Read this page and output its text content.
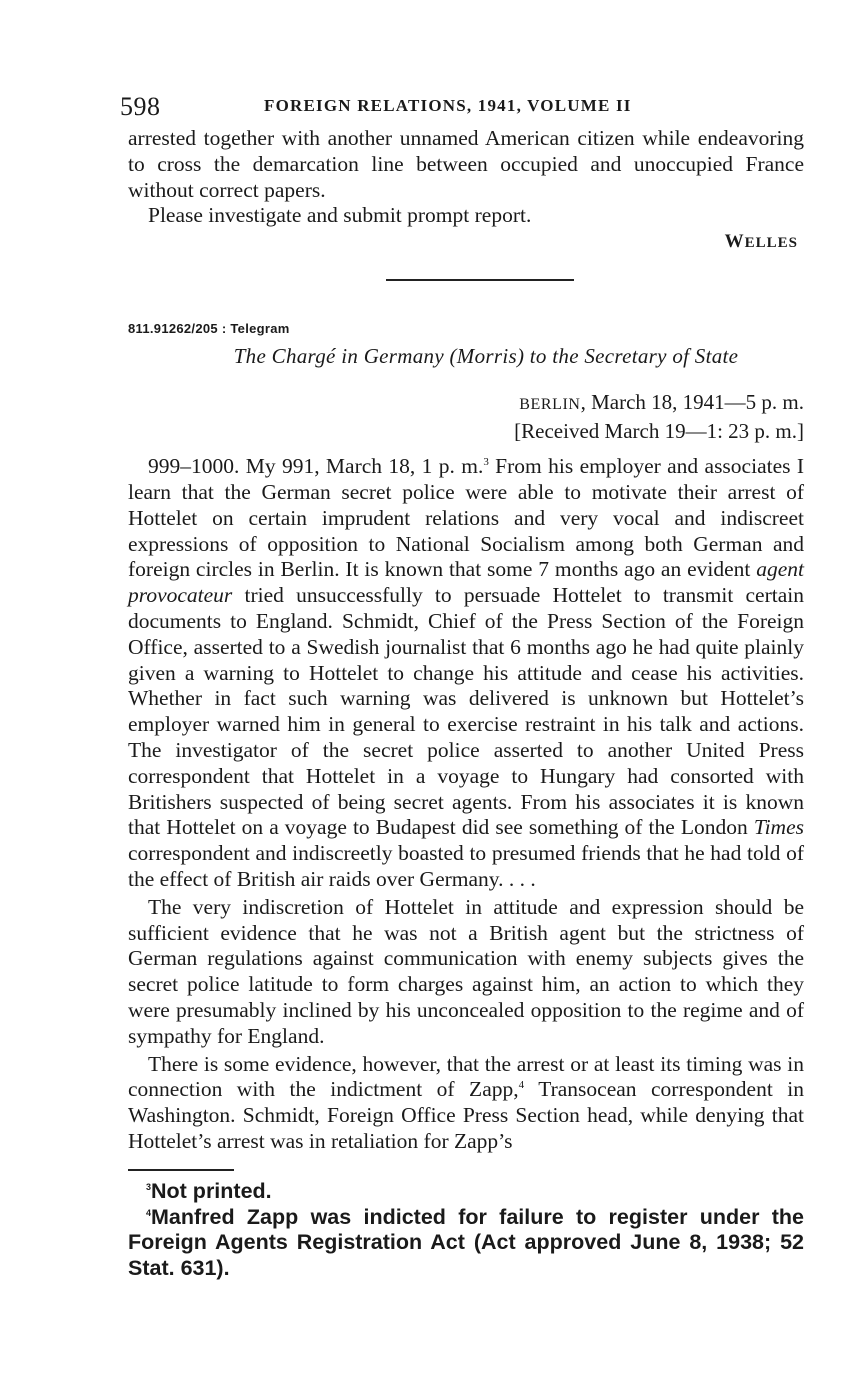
598	FOREIGN RELATIONS, 1941, VOLUME II

arrested together with another unnamed American citizen while endeavoring to cross the demarcation line between occupied and unoccupied France without correct papers.

Please investigate and submit prompt report.

WELLES
811.91262/205 : Telegram
The Chargé in Germany (Morris) to the Secretary of State
BERLIN, March 18, 1941—5 p. m.
[Received March 19—1: 23 p. m.]

999–1000. My 991, March 18, 1 p. m.$^3$ From his employer and associates I learn that the German secret police were able to motivate their arrest of Hottelet on certain imprudent relations and very vocal and indiscreet expressions of opposition to National Socialism among both German and foreign circles in Berlin. It is known that some 7 months ago an evident agent provocateur tried unsuccessfully to persuade Hottelet to transmit certain documents to England. Schmidt, Chief of the Press Section of the Foreign Office, asserted to a Swedish journalist that 6 months ago he had quite plainly given a warning to Hottelet to change his attitude and cease his activities. Whether in fact such warning was delivered is unknown but Hottelet’s employer warned him in general to exercise restraint in his talk and actions. The investigator of the secret police asserted to another United Press correspondent that Hottelet in a voyage to Hungary had consorted with Britishers suspected of being secret agents. From his associates it is known that Hottelet on a voyage to Budapest did see something of the London Times correspondent and indiscreetly boasted to presumed friends that he had told of the effect of British air raids over Germany. . . .

The very indiscretion of Hottelet in attitude and expression should be sufficient evidence that he was not a British agent but the strictness of German regulations against communication with enemy subjects gives the secret police latitude to form charges against him, an action to which they were presumably inclined by his unconcealed opposition to the regime and of sympathy for England.

There is some evidence, however, that the arrest or at least its timing was in connection with the indictment of Zapp,$^4$ Transocean correspondent in Washington. Schmidt, Foreign Office Press Section head, while denying that Hottelet’s arrest was in retaliation for Zapp’s

$^3$Not printed.

$^4$Manfred Zapp was indicted for failure to register under the Foreign Agents Registration Act (Act approved June 8, 1938; 52 Stat. 631).
